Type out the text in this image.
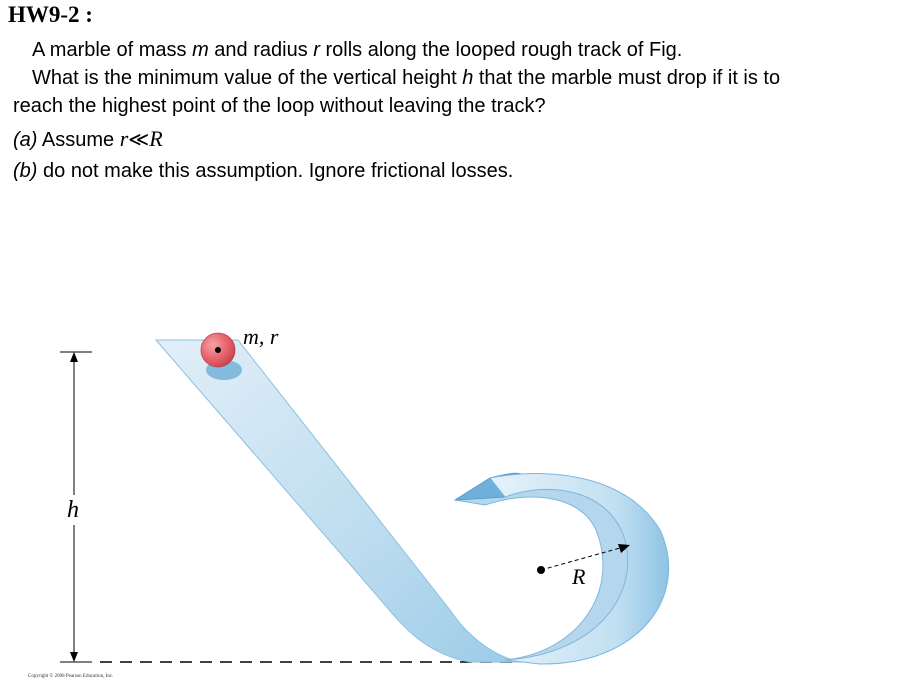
HW9-2 :
A marble of mass m and radius r rolls along the looped rough track of Fig.
What is the minimum value of the vertical height h that the marble must drop if it is to
reach the highest point of the loop without leaving the track?
(a) Assume r≪R
(b) do not make this assumption. Ignore frictional losses.
h
R
m, r
Copyright © 2008 Pearson Education, Inc.
